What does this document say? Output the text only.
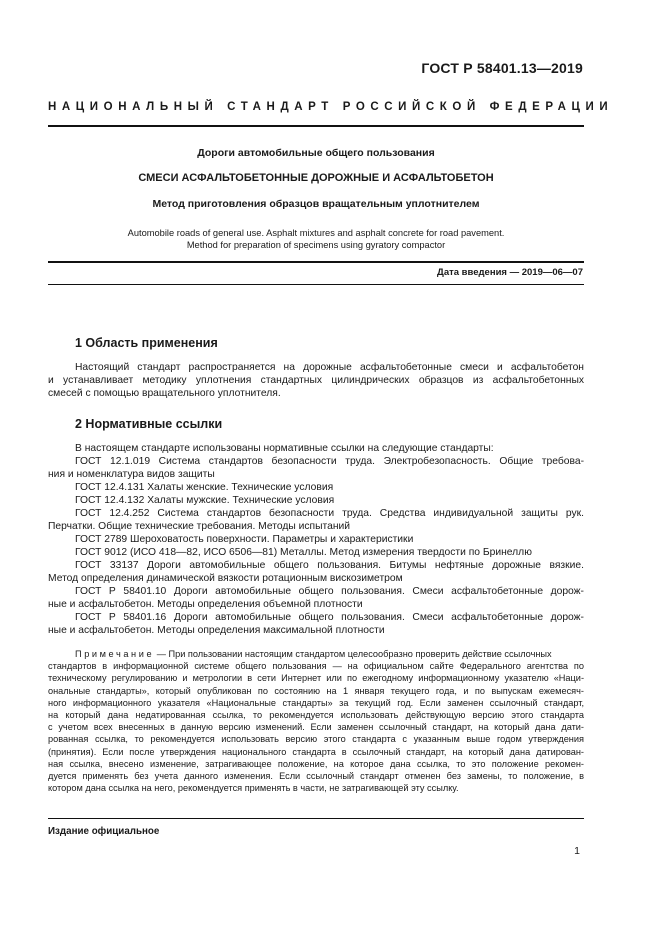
ГОСТ Р 58401.13—2019
НАЦИОНАЛЬНЫЙ СТАНДАРТ РОССИЙСКОЙ ФЕДЕРАЦИИ
Дороги автомобильные общего пользования
СМЕСИ АСФАЛЬТОБЕТОННЫЕ ДОРОЖНЫЕ И АСФАЛЬТОБЕТОН
Метод приготовления образцов вращательным уплотнителем
Automobile roads of general use. Asphalt mixtures and asphalt concrete for road pavement.
Method for preparation of specimens using gyratory compactor
Дата введения — 2019—06—07
1 Область применения
Настоящий стандарт распространяется на дорожные асфальтобетонные смеси и асфальтобетон
и устанавливает методику уплотнения стандартных цилиндрических образцов из асфальтобетонных
смесей с помощью вращательного уплотнителя.
2 Нормативные ссылки
В настоящем стандарте использованы нормативные ссылки на следующие стандарты:
ГОСТ 12.1.019 Система стандартов безопасности труда. Электробезопасность. Общие требова-
ния и номенклатура видов защиты
ГОСТ 12.4.131 Халаты женские. Технические условия
ГОСТ 12.4.132 Халаты мужские. Технические условия
ГОСТ 12.4.252 Система стандартов безопасности труда. Средства индивидуальной защиты рук.
Перчатки. Общие технические требования. Методы испытаний
ГОСТ 2789 Шероховатость поверхности. Параметры и характеристики
ГОСТ 9012 (ИСО 418—82, ИСО 6506—81) Металлы. Метод измерения твердости по Бринеллю
ГОСТ 33137 Дороги автомобильные общего пользования. Битумы нефтяные дорожные вязкие.
Метод определения динамической вязкости ротационным вискозиметром
ГОСТ Р 58401.10 Дороги автомобильные общего пользования. Смеси асфальтобетонные дорож-
ные и асфальтобетон. Методы определения объемной плотности
ГОСТ Р 58401.16 Дороги автомобильные общего пользования. Смеси асфальтобетонные дорож-
ные и асфальтобетон. Методы определения максимальной плотности
Примечание — При пользовании настоящим стандартом целесообразно проверить действие ссылочных
стандартов в информационной системе общего пользования — на официальном сайте Федерального агентства по
техническому регулированию и метрологии в сети Интернет или по ежегодному информационному указателю «Наци-
ональные стандарты», который опубликован по состоянию на 1 января текущего года, и по выпускам ежемесяч-
ного информационного указателя «Национальные стандарты» за текущий год. Если заменен ссылочный стандарт,
на который дана недатированная ссылка, то рекомендуется использовать действующую версию этого стандарта
с учетом всех внесенных в данную версию изменений. Если заменен ссылочный стандарт, на который дана дати-
рованная ссылка, то рекомендуется использовать версию этого стандарта с указанным выше годом утверждения
(принятия). Если после утверждения национального стандарта в ссылочный стандарт, на который дана датирован-
ная ссылка, внесено изменение, затрагивающее положение, на которое дана ссылка, то это положение рекомен-
дуется применять без учета данного изменения. Если ссылочный стандарт отменен без замены, то положение, в
котором дана ссылка на него, рекомендуется применять в части, не затрагивающей эту ссылку.
Издание официальное
1
